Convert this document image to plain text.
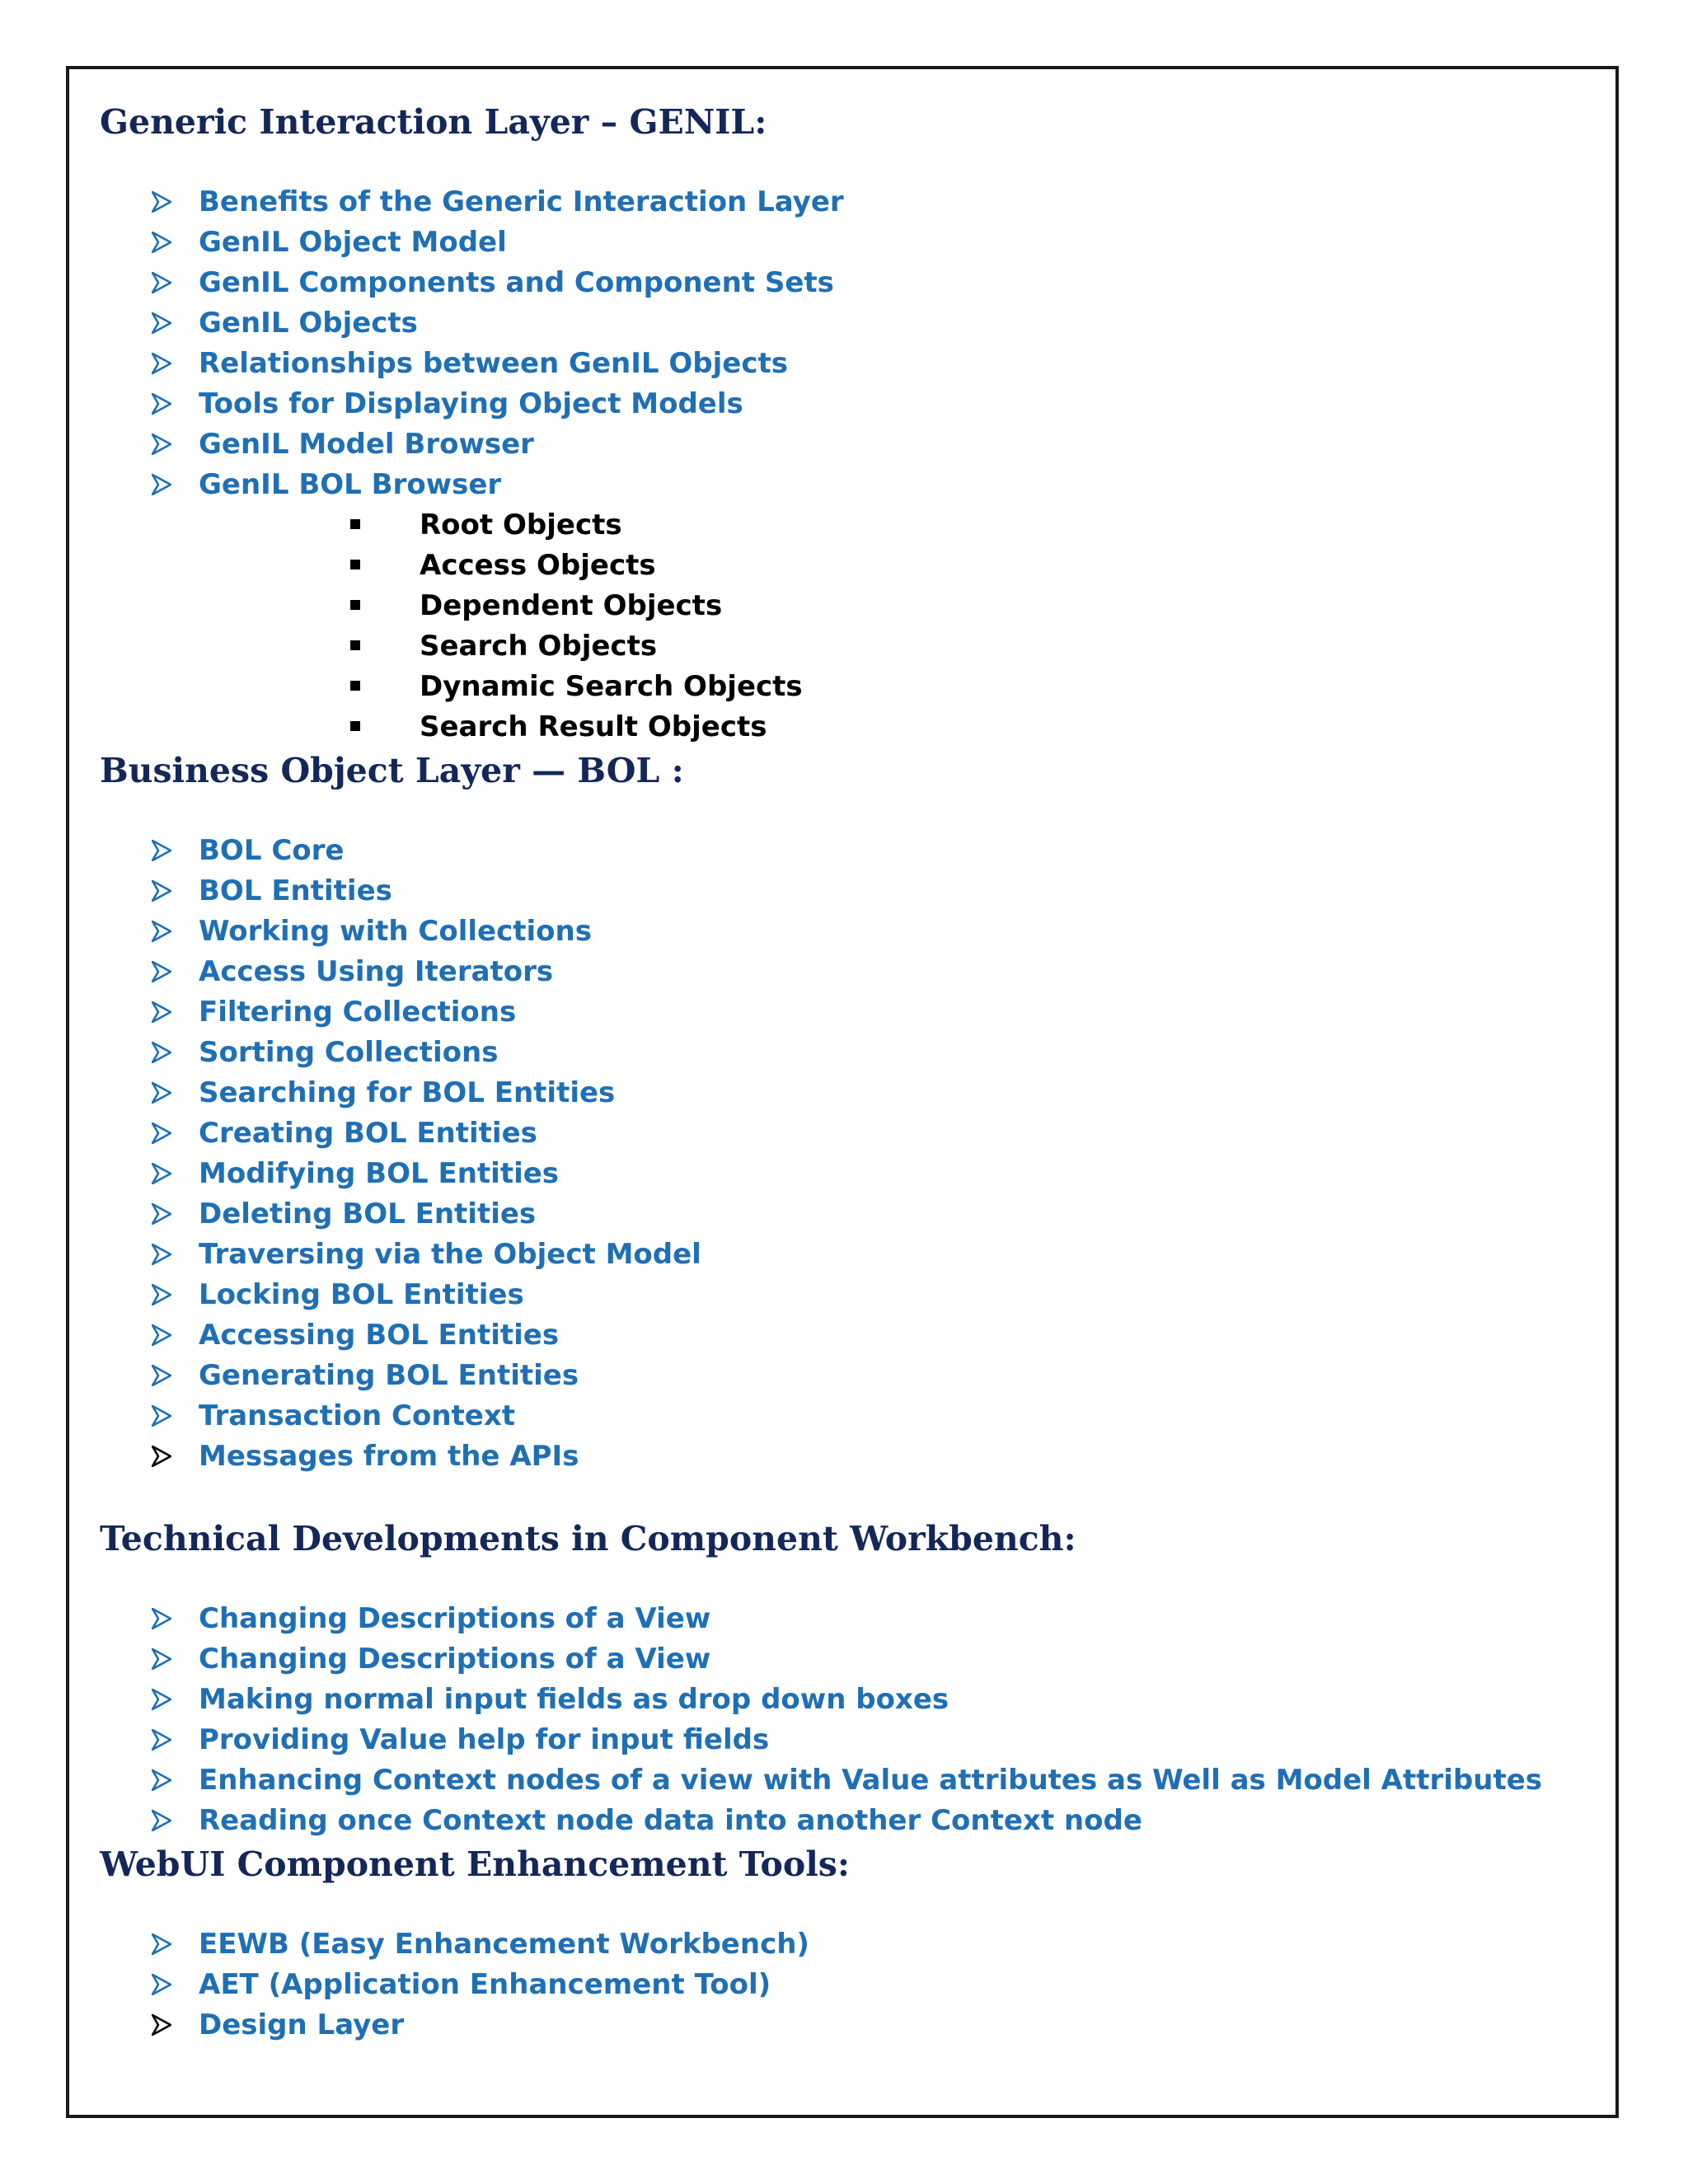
Generic Interaction Layer – GENIL:
Benefits of the Generic Interaction Layer
GenIL Object Model
GenIL Components and Component Sets
GenIL Objects
Relationships between GenIL Objects
Tools for Displaying Object Models
GenIL Model Browser
GenIL BOL Browser
Root Objects
Access Objects
Dependent Objects
Search Objects
Dynamic Search Objects
Search Result Objects
Business Object Layer — BOL :
BOL Core
BOL Entities
Working with Collections
Access Using Iterators
Filtering Collections
Sorting Collections
Searching for BOL Entities
Creating BOL Entities
Modifying BOL Entities
Deleting BOL Entities
Traversing via the Object Model
Locking BOL Entities
Accessing BOL Entities
Generating BOL Entities
Transaction Context
Messages from the APIs
Technical Developments in Component Workbench:
Changing Descriptions of a View
Changing Descriptions of a View
Making normal input fields as drop down boxes
Providing Value help for input fields
Enhancing Context nodes of a view with Value attributes as Well as Model Attributes
Reading once Context node data into another Context node
WebUI Component Enhancement Tools:
EEWB (Easy Enhancement Workbench)
AET (Application Enhancement Tool)
Design Layer
